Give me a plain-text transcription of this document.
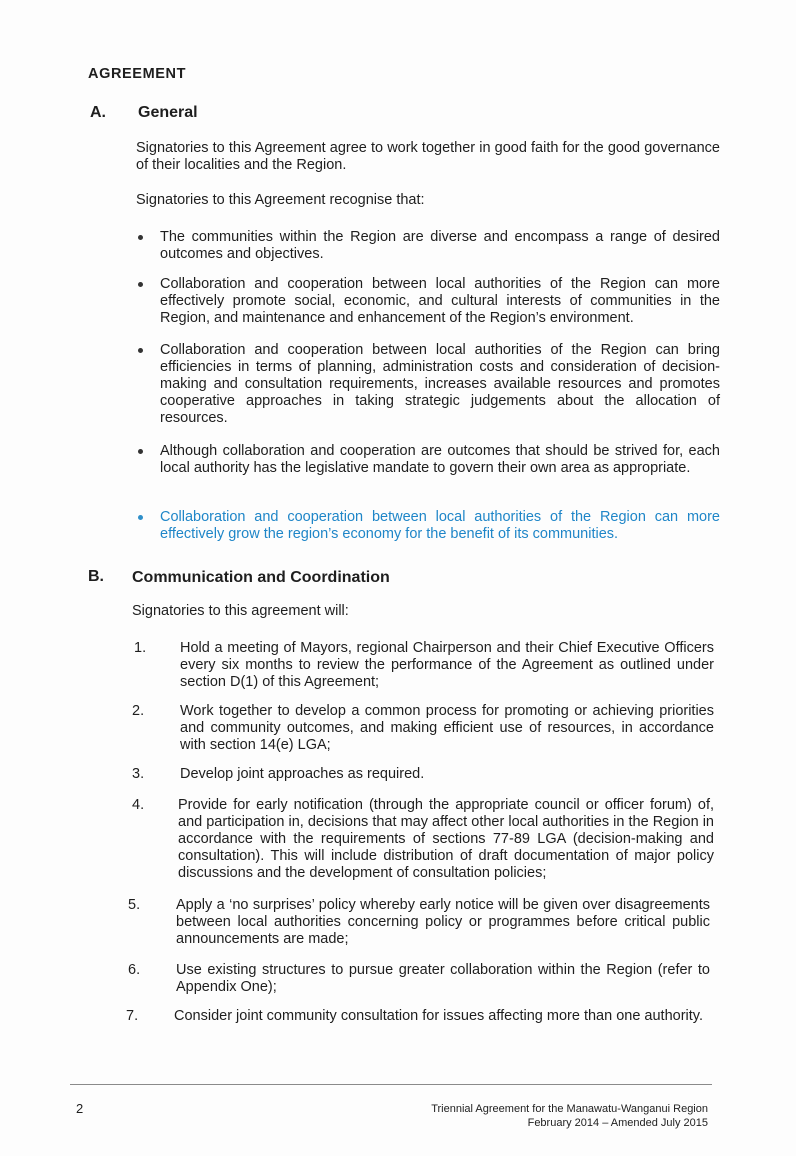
AGREEMENT
A. General
Signatories to this Agreement agree to work together in good faith for the good governance of their localities and the Region.
Signatories to this Agreement recognise that:
The communities within the Region are diverse and encompass a range of desired outcomes and objectives.
Collaboration and cooperation between local authorities of the Region can more effectively promote social, economic, and cultural interests of communities in the Region, and maintenance and enhancement of the Region’s environment.
Collaboration and cooperation between local authorities of the Region can bring efficiencies in terms of planning, administration costs and consideration of decision-making and consultation requirements, increases available resources and promotes cooperative approaches in taking strategic judgements about the allocation of resources.
Although collaboration and cooperation are outcomes that should be strived for, each local authority has the legislative mandate to govern their own area as appropriate.
Collaboration and cooperation between local authorities of the Region can more effectively grow the region’s economy for the benefit of its communities.
B. Communication and Coordination
Signatories to this agreement will:
1. Hold a meeting of Mayors, regional Chairperson and their Chief Executive Officers every six months to review the performance of the Agreement as outlined under section D(1) of this Agreement;
2. Work together to develop a common process for promoting or achieving priorities and community outcomes, and making efficient use of resources, in accordance with section 14(e) LGA;
3. Develop joint approaches as required.
4. Provide for early notification (through the appropriate council or officer forum) of, and participation in, decisions that may affect other local authorities in the Region in accordance with the requirements of sections 77-89 LGA (decision-making and consultation). This will include distribution of draft documentation of major policy discussions and the development of consultation policies;
5. Apply a ‘no surprises’ policy whereby early notice will be given over disagreements between local authorities concerning policy or programmes before critical public announcements are made;
6. Use existing structures to pursue greater collaboration within the Region (refer to Appendix One);
7. Consider joint community consultation for issues affecting more than one authority.
2	Triennial Agreement for the Manawatu-Wanganui Region
February 2014 – Amended July 2015
